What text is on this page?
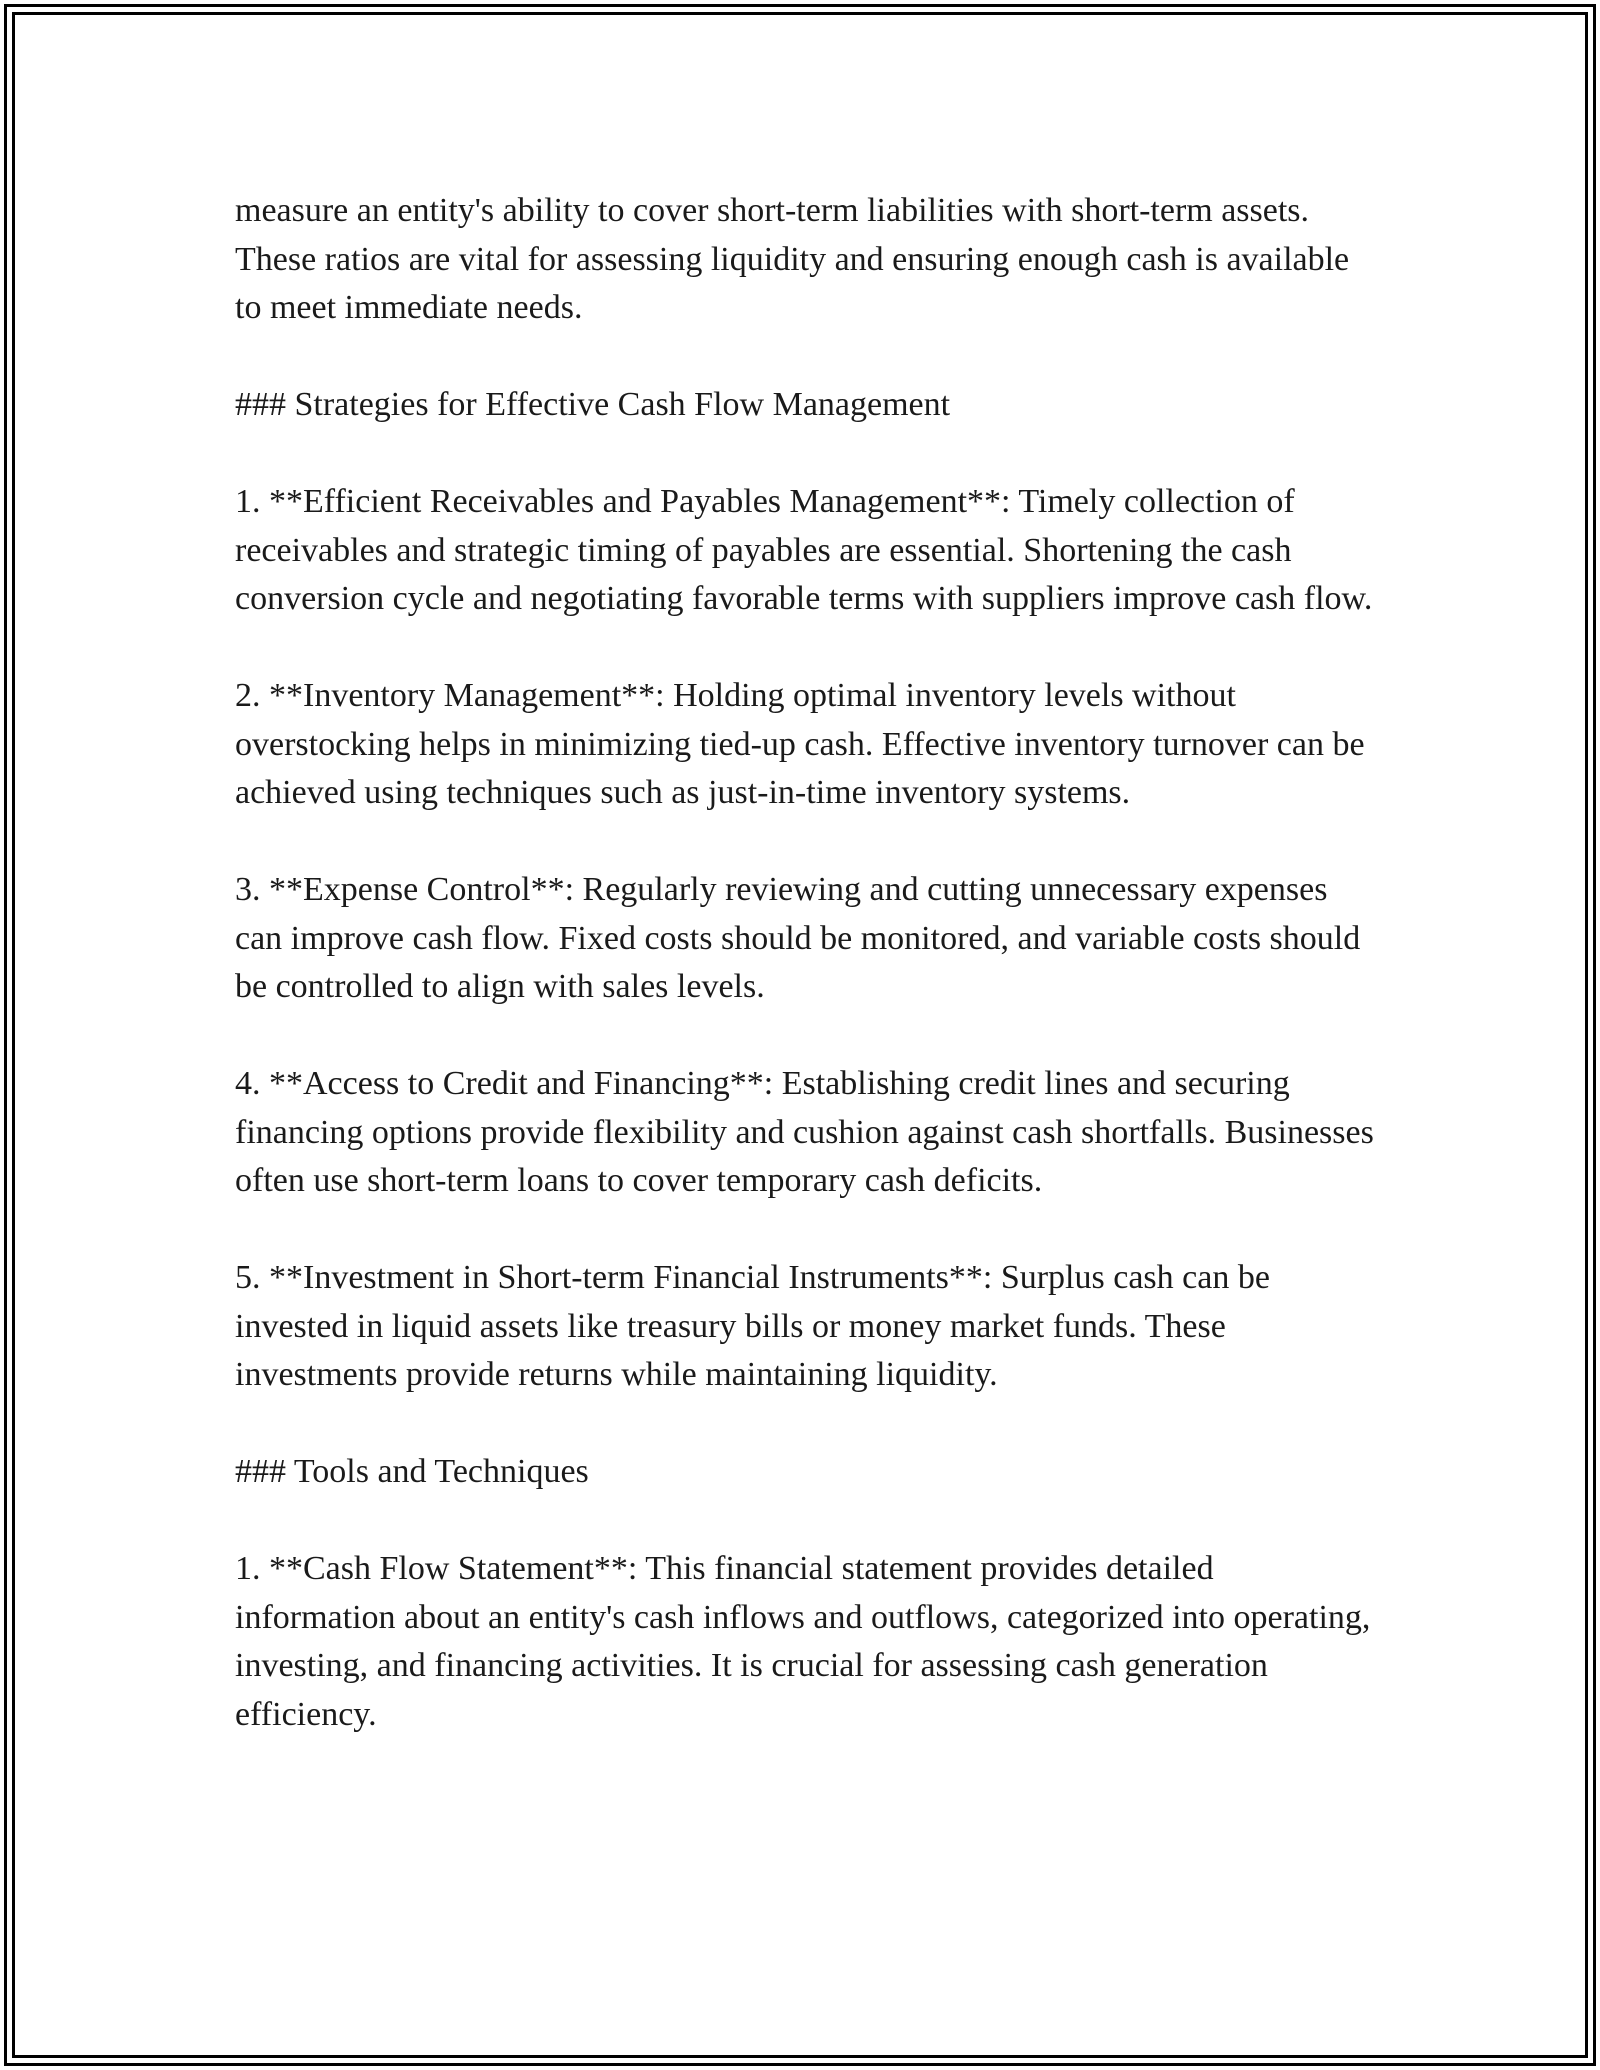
measure an entity's ability to cover short-term liabilities with short-term assets. These ratios are vital for assessing liquidity and ensuring enough cash is available to meet immediate needs.

### Strategies for Effective Cash Flow Management

1. **Efficient Receivables and Payables Management**: Timely collection of receivables and strategic timing of payables are essential. Shortening the cash conversion cycle and negotiating favorable terms with suppliers improve cash flow.

2. **Inventory Management**: Holding optimal inventory levels without overstocking helps in minimizing tied-up cash. Effective inventory turnover can be achieved using techniques such as just-in-time inventory systems.

3. **Expense Control**: Regularly reviewing and cutting unnecessary expenses can improve cash flow. Fixed costs should be monitored, and variable costs should be controlled to align with sales levels.

4. **Access to Credit and Financing**: Establishing credit lines and securing financing options provide flexibility and cushion against cash shortfalls. Businesses often use short-term loans to cover temporary cash deficits.

5. **Investment in Short-term Financial Instruments**: Surplus cash can be invested in liquid assets like treasury bills or money market funds. These investments provide returns while maintaining liquidity.

### Tools and Techniques

1. **Cash Flow Statement**: This financial statement provides detailed information about an entity's cash inflows and outflows, categorized into operating, investing, and financing activities. It is crucial for assessing cash generation efficiency.
